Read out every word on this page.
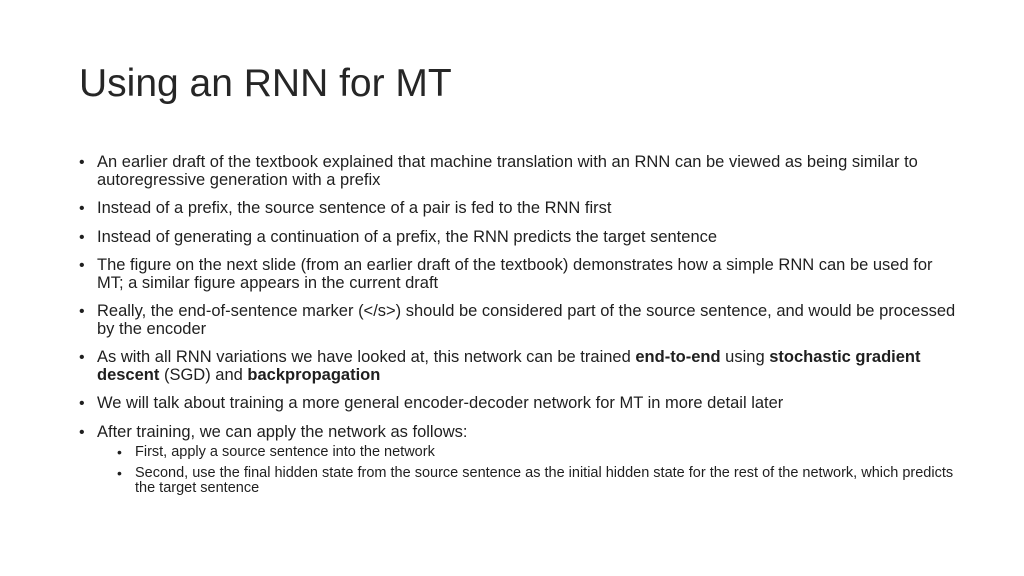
Using an RNN for MT
• An earlier draft of the textbook explained that machine translation with an RNN can be viewed as being similar to autoregressive generation with a prefix
• Instead of a prefix, the source sentence of a pair is fed to the RNN first
• Instead of generating a continuation of a prefix, the RNN predicts the target sentence
• The figure on the next slide (from an earlier draft of the textbook) demonstrates how a simple RNN can be used for MT; a similar figure appears in the current draft
• Really, the end-of-sentence marker (</s>) should be considered part of the source sentence, and would be processed by the encoder
• As with all RNN variations we have looked at, this network can be trained end-to-end using stochastic gradient descent (SGD) and backpropagation
• We will talk about training a more general encoder-decoder network for MT in more detail later
• After training, we can apply the network as follows:
• First, apply a source sentence into the network
• Second, use the final hidden state from the source sentence as the initial hidden state for the rest of the network, which predicts the target sentence
